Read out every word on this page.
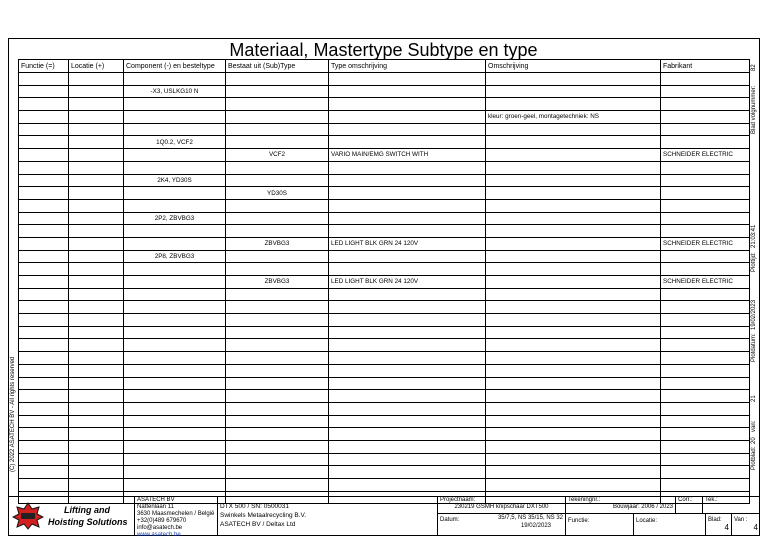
Materiaal, Mastertype Subtype en type
Functie (=)	Locatie (+)	Component (-) en besteltype	Bestaat uit (Sub)Type	Type omschrijving	Omschrijving	Fabrikant

		-X3, USLKG10 N				

					kleur: groen-geel, montagetechniek: NS	

		1Q0.2, VCF2				
			VCF2	VARIO MAIN/EMG SWITCH WITH		SCHNEIDER ELECTRIC

		2K4, YD30S				
			YD30S			

		2P2, ZBVBG3				

			ZBVBG3	LED LIGHT BLK GRN 24 120V		SCHNEIDER ELECTRIC
		2P8, ZBVBG3				

			ZBVBG3	LED LIGHT BLK GRN 24 120V		SCHNEIDER ELECTRIC

Blad volgnummer:
82
Plottijd:
21:03:41
Plotdatum:
19/02/2023
Plotblad:
20
van:
21
(C) 2022 ASATECH BV - All rights reserved
Lifting and
Hoisting Solutions
ASATECH BV
Nattenlaan 11
3630 Maasmechelen / België
+32(0)489 679670
info@asatech.be
www.asatech.be
DTX 500 / SN: 0500031
Swinkels Metaalrecycling B.V.
ASATECH BV / Deltax Ltd
Projectnaam:
230219 GSMH knipschaar DXT500
Tekeningnr.:
Bouwjaar: 2006 / 2023
Corr.:	Tek.:
Datum:	35/7,5, NS 35/15, NS 32
19/02/2023
Functie:	Locatie:	Blad:
4
Van :
4
